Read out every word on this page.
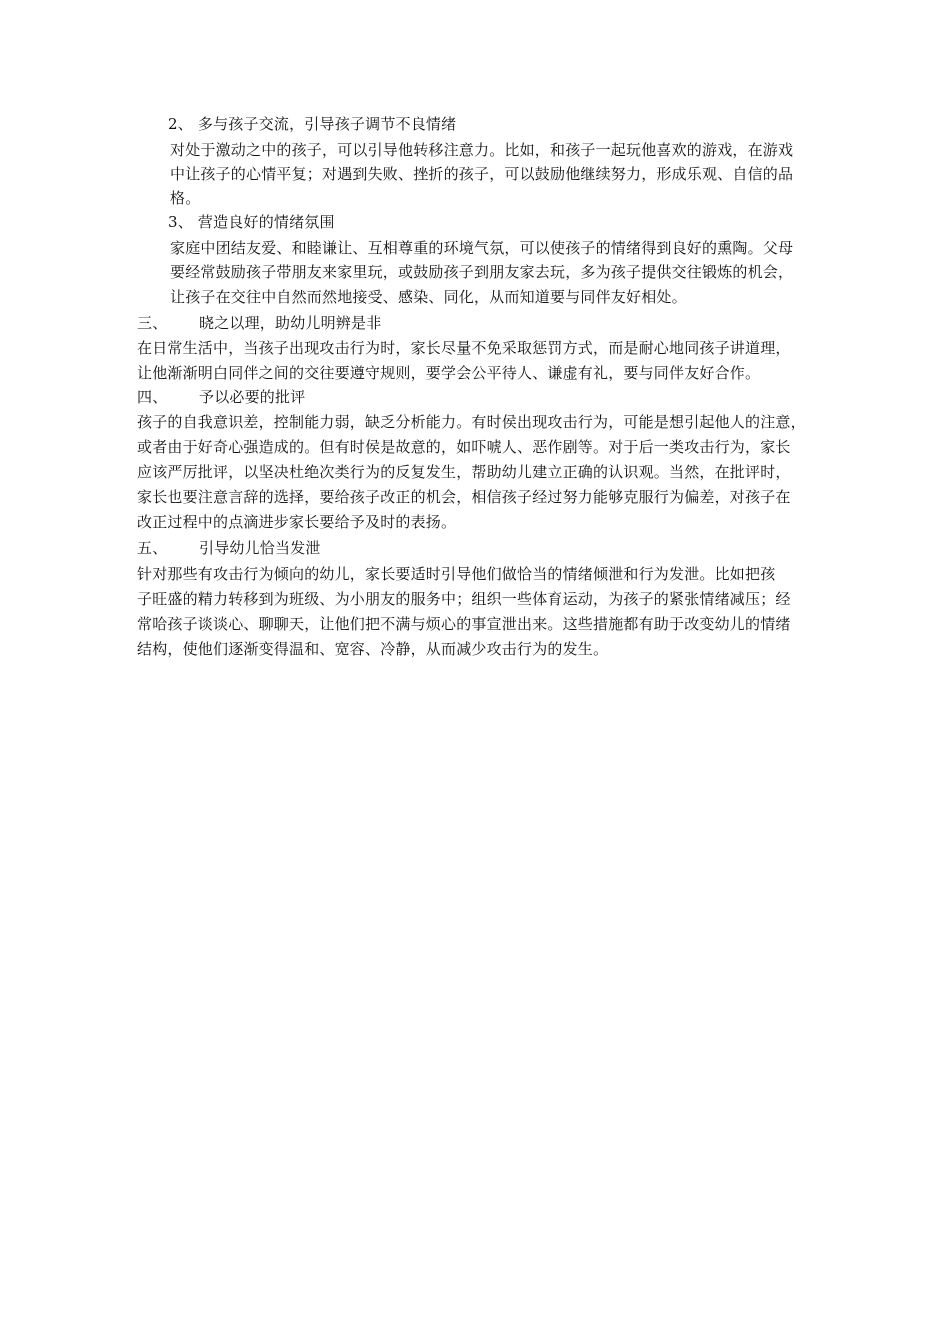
2、 多与孩子交流，引导孩子调节不良情绪
对处于激动之中的孩子，可以引导他转移注意力。比如，和孩子一起玩他喜欢的游戏，在游戏
中让孩子的心情平复；对遇到失败、挫折的孩子，可以鼓励他继续努力，形成乐观、自信的品
格。
3、 营造良好的情绪氛围
家庭中团结友爱、和睦谦让、互相尊重的环境气氛，可以使孩子的情绪得到良好的熏陶。父母
要经常鼓励孩子带朋友来家里玩，或鼓励孩子到朋友家去玩，多为孩子提供交往锻炼的机会，
让孩子在交往中自然而然地接受、感染、同化，从而知道要与同伴友好相处。
三、 晓之以理，助幼儿明辨是非
在日常生活中，当孩子出现攻击行为时，家长尽量不免采取惩罚方式，而是耐心地同孩子讲道理，
让他渐渐明白同伴之间的交往要遵守规则，要学会公平待人、谦虚有礼，要与同伴友好合作。
四、 予以必要的批评
孩子的自我意识差，控制能力弱，缺乏分析能力。有时侯出现攻击行为，可能是想引起他人的注意，
或者由于好奇心强造成的。但有时侯是故意的，如吓唬人、恶作剧等。对于后一类攻击行为，家长
应该严厉批评，以坚决杜绝次类行为的反复发生，帮助幼儿建立正确的认识观。当然，在批评时，
家长也要注意言辞的选择，要给孩子改正的机会，相信孩子经过努力能够克服行为偏差，对孩子在
改正过程中的点滴进步家长要给予及时的表扬。
五、 引导幼儿恰当发泄
针对那些有攻击行为倾向的幼儿，家长要适时引导他们做恰当的情绪倾泄和行为发泄。比如把孩
子旺盛的精力转移到为班级、为小朋友的服务中；组织一些体育运动，为孩子的紧张情绪减压；经
常哈孩子谈谈心、聊聊天，让他们把不满与烦心的事宣泄出来。这些措施都有助于改变幼儿的情绪
结构，使他们逐渐变得温和、宽容、冷静，从而减少攻击行为的发生。
